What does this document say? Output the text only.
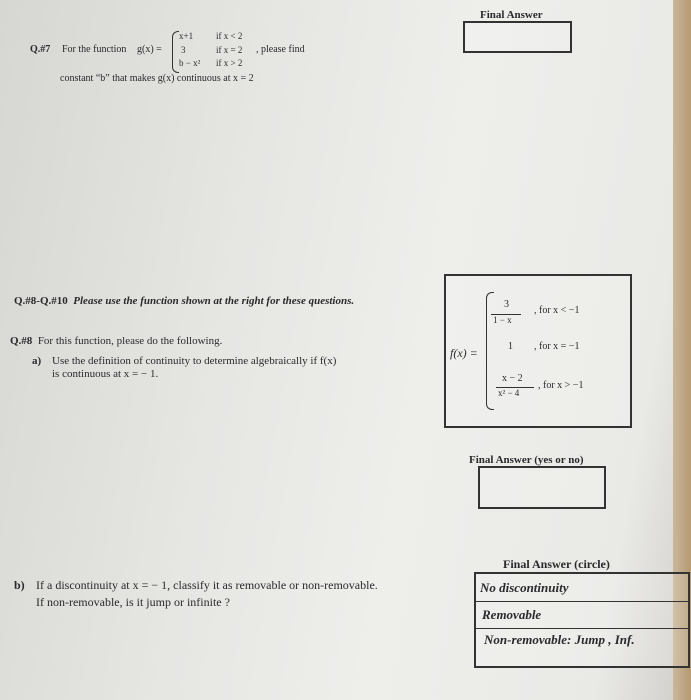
Q.#7 For the function g(x) =
x+1	if x < 2
3	if x = 2
b − x² if x > 2
, please find
constant “b” that makes g(x) continuous at x = 2
Final Answer
Q.#8-Q.#10 Please use the function shown at the right for these questions.
f(x) =
3
1 − x
, for x < −1
1 , for x = −1
x − 2
x² − 4
, for x > −1
Q.#8 For this function, please do the following.
a) Use the definition of continuity to determine algebraically if f(x)
is continuous at x = − 1.
Final Answer (yes or no)
b) If a discontinuity at x = − 1, classify it as removable or non-removable.
If non-removable, is it jump or infinite ?
Final Answer (circle)
No discontinuity
Removable
Non-removable: Jump , Inf.
